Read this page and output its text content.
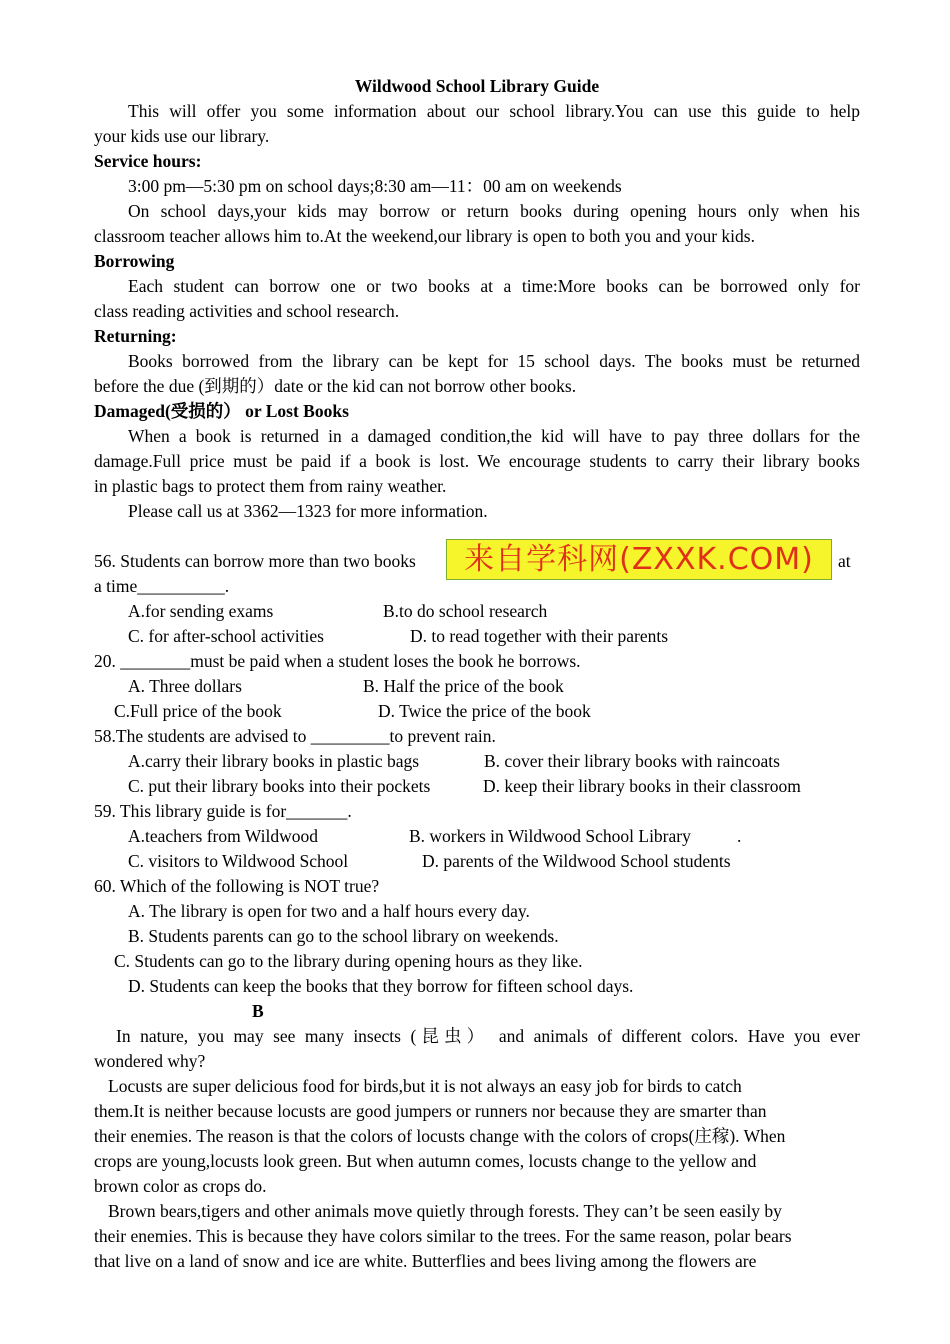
Wildwood School Library Guide
This will offer you some information about our school library.You can use this guide to help
your kids use our library.
Service hours:
3:00 pm—5:30 pm on school days;8:30 am—11：00 am on weekends
On school days,your kids may borrow or return books during opening hours only when his
classroom teacher allows him to.At the weekend,our library is open to both you and your kids.
Borrowing
Each student can borrow one or two books at a time:More books can be borrowed only for
class reading activities and school research.
Returning:
Books borrowed from the library can be kept for 15 school days. The books must be returned
before the due (到期的）date or the kid can not borrow other books.
Damaged(受损的） or Lost Books
When a book is returned in a damaged condition,the kid will have to pay three dollars for the
damage.Full price must be paid if a book is lost. We encourage students to carry their library books
in plastic bags to protect them from rainy weather.
Please call us at 3362—1323 for more information.
56. Students can borrow more than two books	来自学科网(ZXXK.COM)	at
a time__________.
A.for sending exams	B.to do school research
C. for after-school activities	D. to read together with their parents
20. ________must be paid when a student loses the book he borrows.
A. Three dollars	B. Half the price of the book
C.Full price of the book	D. Twice the price of the book
58.The students are advised to _________to prevent rain.
A.carry their library books in plastic bags	B. cover their library books with raincoats
C. put their library books into their pockets	D. keep their library books in their classroom
59. This library guide is for_______.
A.teachers from Wildwood	B. workers in Wildwood School Library	.
C. visitors to Wildwood School	D. parents of the Wildwood School students
60. Which of the following is NOT true?
A. The library is open for two and a half hours every day.
B. Students parents can go to the school library on weekends.
C. Students can go to the library during opening hours as they like.
D. Students can keep the books that they borrow for fifteen school days.
B
In nature, you may see many insects (昆虫） and animals of different colors. Have you ever
wondered why?
Locusts are super delicious food for birds,but it is not always an easy job for birds to catch
them.It is neither because locusts are good jumpers or runners nor because they are smarter than
their enemies. The reason is that the colors of locusts change with the colors of crops(庄稼). When
crops are young,locusts look green. But when autumn comes, locusts change to the yellow and
brown color as crops do.
Brown bears,tigers and other animals move quietly through forests. They can’t be seen easily by
their enemies. This is because they have colors similar to the trees. For the same reason, polar bears
that live on a land of snow and ice are white. Butterflies and bees living among the flowers are
